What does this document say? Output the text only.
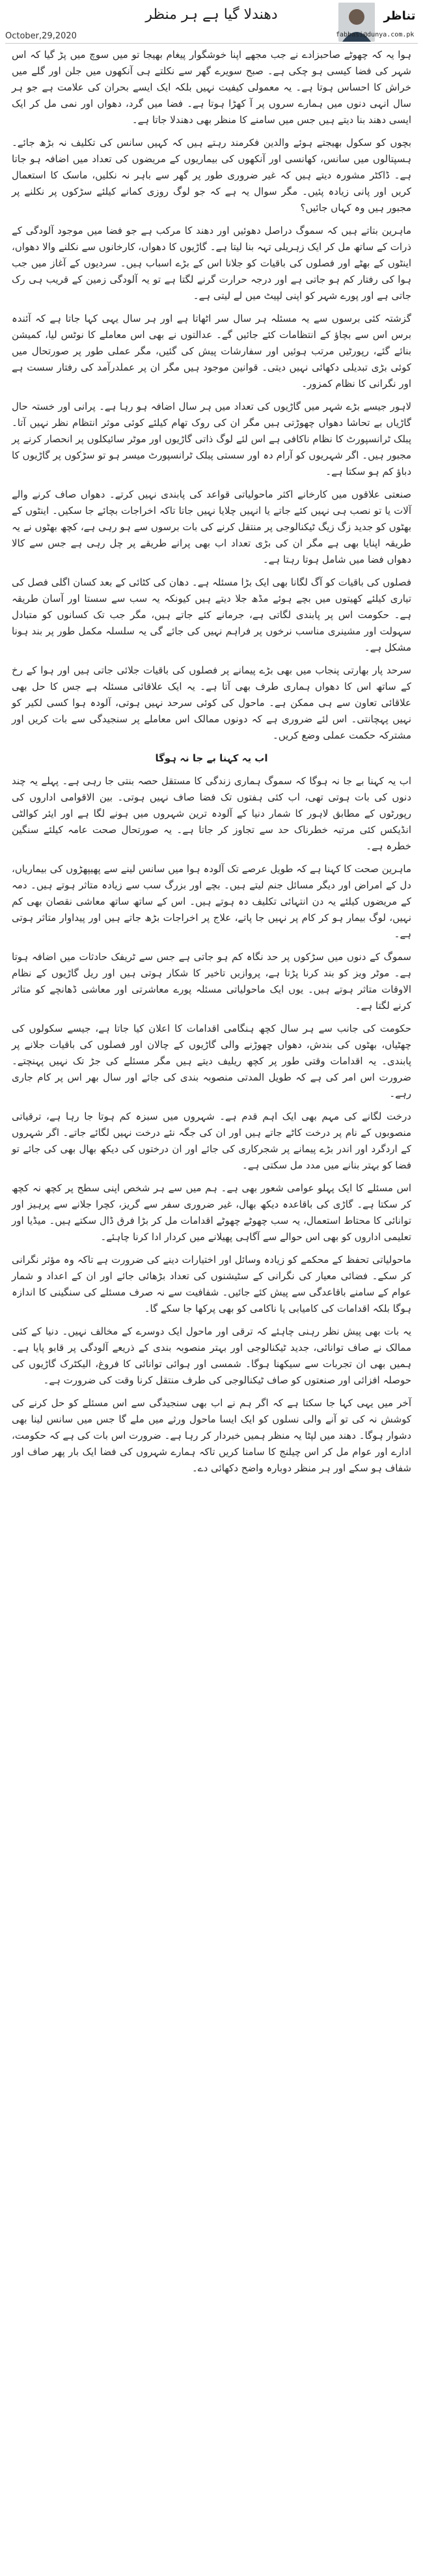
دھندلا گیا ہے ہر منظر	تناظر
fabbasi@dunya.com.pk
October,29,2020

ہوا یہ کہ چھوٹے صاحبزادے نے جب مجھے اپنا خوشگوار پیغام بھیجا تو میں سوچ میں پڑ گیا کہ اس شہر کی فضا کیسی ہو چکی ہے۔ صبح سویرے گھر سے نکلتے ہی آنکھوں میں جلن اور گلے میں خراش کا احساس ہوتا ہے۔ یہ معمولی کیفیت نہیں بلکہ ایک ایسے بحران کی علامت ہے جو ہر سال انہی دنوں میں ہمارے سروں پر آ کھڑا ہوتا ہے۔ فضا میں گرد، دھواں اور نمی مل کر ایک ایسی دھند بنا دیتے ہیں جس میں سامنے کا منظر بھی دھندلا جاتا ہے۔

بچوں کو سکول بھیجتے ہوئے والدین فکرمند رہتے ہیں کہ کہیں سانس کی تکلیف نہ بڑھ جائے۔ ہسپتالوں میں سانس، کھانسی اور آنکھوں کی بیماریوں کے مریضوں کی تعداد میں اضافہ ہو جاتا ہے۔ ڈاکٹر مشورہ دیتے ہیں کہ غیر ضروری طور پر گھر سے باہر نہ نکلیں، ماسک کا استعمال کریں اور پانی زیادہ پئیں۔ مگر سوال یہ ہے کہ جو لوگ روزی کمانے کیلئے سڑکوں پر نکلنے پر مجبور ہیں وہ کہاں جائیں؟

ماہرین بتاتے ہیں کہ سموگ دراصل دھوئیں اور دھند کا مرکب ہے جو فضا میں موجود آلودگی کے ذرات کے ساتھ مل کر ایک زہریلی تہہ بنا لیتا ہے۔ گاڑیوں کا دھواں، کارخانوں سے نکلنے والا دھواں، اینٹوں کے بھٹے اور فصلوں کی باقیات کو جلانا اس کے بڑے اسباب ہیں۔ سردیوں کے آغاز میں جب ہوا کی رفتار کم ہو جاتی ہے اور درجہ حرارت گرنے لگتا ہے تو یہ آلودگی زمین کے قریب ہی رک جاتی ہے اور پورے شہر کو اپنی لپیٹ میں لے لیتی ہے۔

گزشتہ کئی برسوں سے یہ مسئلہ ہر سال سر اٹھاتا ہے اور ہر سال یہی کہا جاتا ہے کہ آئندہ برس اس سے بچاؤ کے انتظامات کئے جائیں گے۔ عدالتوں نے بھی اس معاملے کا نوٹس لیا، کمیشن بنائے گئے، رپورٹیں مرتب ہوئیں اور سفارشات پیش کی گئیں، مگر عملی طور پر صورتحال میں کوئی بڑی تبدیلی دکھائی نہیں دیتی۔ قوانین موجود ہیں مگر ان پر عملدرآمد کی رفتار سست ہے اور نگرانی کا نظام کمزور۔

لاہور جیسے بڑے شہر میں گاڑیوں کی تعداد میں ہر سال اضافہ ہو رہا ہے۔ پرانی اور خستہ حال گاڑیاں بے تحاشا دھواں چھوڑتی ہیں مگر ان کی روک تھام کیلئے کوئی موثر انتظام نظر نہیں آتا۔ پبلک ٹرانسپورٹ کا نظام ناکافی ہے اس لئے لوگ ذاتی گاڑیوں اور موٹر سائیکلوں پر انحصار کرنے پر مجبور ہیں۔ اگر شہریوں کو آرام دہ اور سستی پبلک ٹرانسپورٹ میسر ہو تو سڑکوں پر گاڑیوں کا دباؤ کم ہو سکتا ہے۔

صنعتی علاقوں میں کارخانے اکثر ماحولیاتی قواعد کی پابندی نہیں کرتے۔ دھواں صاف کرنے والے آلات یا تو نصب ہی نہیں کئے جاتے یا انہیں چلایا نہیں جاتا تاکہ اخراجات بچائے جا سکیں۔ اینٹوں کے بھٹوں کو جدید زگ زیگ ٹیکنالوجی پر منتقل کرنے کی بات برسوں سے ہو رہی ہے، کچھ بھٹوں نے یہ طریقہ اپنایا بھی ہے مگر ان کی بڑی تعداد اب بھی پرانے طریقے پر چل رہی ہے جس سے کالا دھواں فضا میں شامل ہوتا رہتا ہے۔

فصلوں کی باقیات کو آگ لگانا بھی ایک بڑا مسئلہ ہے۔ دھان کی کٹائی کے بعد کسان اگلی فصل کی تیاری کیلئے کھیتوں میں بچے ہوئے مڈھ جلا دیتے ہیں کیونکہ یہ سب سے سستا اور آسان طریقہ ہے۔ حکومت اس پر پابندی لگاتی ہے، جرمانے کئے جاتے ہیں، مگر جب تک کسانوں کو متبادل سہولت اور مشینری مناسب نرخوں پر فراہم نہیں کی جائے گی یہ سلسلہ مکمل طور پر بند ہونا مشکل ہے۔

سرحد پار بھارتی پنجاب میں بھی بڑے پیمانے پر فصلوں کی باقیات جلائی جاتی ہیں اور ہوا کے رخ کے ساتھ اس کا دھواں ہماری طرف بھی آتا ہے۔ یہ ایک علاقائی مسئلہ ہے جس کا حل بھی علاقائی تعاون سے ہی ممکن ہے۔ ماحول کی کوئی سرحد نہیں ہوتی، آلودہ ہوا کسی لکیر کو نہیں پہچانتی۔ اس لئے ضروری ہے کہ دونوں ممالک اس معاملے پر سنجیدگی سے بات کریں اور مشترکہ حکمت عملی وضع کریں۔

اب یہ کہنا بے جا نہ ہوگا

اب یہ کہنا بے جا نہ ہوگا کہ سموگ ہماری زندگی کا مستقل حصہ بنتی جا رہی ہے۔ پہلے یہ چند دنوں کی بات ہوتی تھی، اب کئی ہفتوں تک فضا صاف نہیں ہوتی۔ بین الاقوامی اداروں کی رپورٹوں کے مطابق لاہور کا شمار دنیا کے آلودہ ترین شہروں میں ہونے لگا ہے اور ایئر کوالٹی انڈیکس کئی مرتبہ خطرناک حد سے تجاوز کر جاتا ہے۔ یہ صورتحال صحت عامہ کیلئے سنگین خطرہ ہے۔

ماہرین صحت کا کہنا ہے کہ طویل عرصے تک آلودہ ہوا میں سانس لینے سے پھیپھڑوں کی بیماریاں، دل کے امراض اور دیگر مسائل جنم لیتے ہیں۔ بچے اور بزرگ سب سے زیادہ متاثر ہوتے ہیں۔ دمہ کے مریضوں کیلئے یہ دن انتہائی تکلیف دہ ہوتے ہیں۔ اس کے ساتھ ساتھ معاشی نقصان بھی کم نہیں، لوگ بیمار ہو کر کام پر نہیں جا پاتے، علاج پر اخراجات بڑھ جاتے ہیں اور پیداوار متاثر ہوتی ہے۔

سموگ کے دنوں میں سڑکوں پر حد نگاہ کم ہو جاتی ہے جس سے ٹریفک حادثات میں اضافہ ہوتا ہے۔ موٹر ویز کو بند کرنا پڑتا ہے، پروازیں تاخیر کا شکار ہوتی ہیں اور ریل گاڑیوں کے نظام الاوقات متاثر ہوتے ہیں۔ یوں ایک ماحولیاتی مسئلہ پورے معاشرتی اور معاشی ڈھانچے کو متاثر کرنے لگتا ہے۔

حکومت کی جانب سے ہر سال کچھ ہنگامی اقدامات کا اعلان کیا جاتا ہے، جیسے سکولوں کی چھٹیاں، بھٹوں کی بندش، دھواں چھوڑنے والی گاڑیوں کے چالان اور فصلوں کی باقیات جلانے پر پابندی۔ یہ اقدامات وقتی طور پر کچھ ریلیف دیتے ہیں مگر مسئلے کی جڑ تک نہیں پہنچتے۔ ضرورت اس امر کی ہے کہ طویل المدتی منصوبہ بندی کی جائے اور سال بھر اس پر کام جاری رہے۔

درخت لگانے کی مہم بھی ایک اہم قدم ہے۔ شہروں میں سبزہ کم ہوتا جا رہا ہے، ترقیاتی منصوبوں کے نام پر درخت کاٹے جاتے ہیں اور ان کی جگہ نئے درخت نہیں لگائے جاتے۔ اگر شہروں کے اردگرد اور اندر بڑے پیمانے پر شجرکاری کی جائے اور ان درختوں کی دیکھ بھال بھی کی جائے تو فضا کو بہتر بنانے میں مدد مل سکتی ہے۔

اس مسئلے کا ایک پہلو عوامی شعور بھی ہے۔ ہم میں سے ہر شخص اپنی سطح پر کچھ نہ کچھ کر سکتا ہے۔ گاڑی کی باقاعدہ دیکھ بھال، غیر ضروری سفر سے گریز، کچرا جلانے سے پرہیز اور توانائی کا محتاط استعمال، یہ سب چھوٹے چھوٹے اقدامات مل کر بڑا فرق ڈال سکتے ہیں۔ میڈیا اور تعلیمی اداروں کو بھی اس حوالے سے آگاہی پھیلانے میں کردار ادا کرنا چاہئے۔

ماحولیاتی تحفظ کے محکمے کو زیادہ وسائل اور اختیارات دینے کی ضرورت ہے تاکہ وہ مؤثر نگرانی کر سکے۔ فضائی معیار کی نگرانی کے سٹیشنوں کی تعداد بڑھائی جائے اور ان کے اعداد و شمار عوام کے سامنے باقاعدگی سے پیش کئے جائیں۔ شفافیت سے نہ صرف مسئلے کی سنگینی کا اندازہ ہوگا بلکہ اقدامات کی کامیابی یا ناکامی کو بھی پرکھا جا سکے گا۔

یہ بات بھی پیش نظر رہنی چاہئے کہ ترقی اور ماحول ایک دوسرے کے مخالف نہیں۔ دنیا کے کئی ممالک نے صاف توانائی، جدید ٹیکنالوجی اور بہتر منصوبہ بندی کے ذریعے آلودگی پر قابو پایا ہے۔ ہمیں بھی ان تجربات سے سیکھنا ہوگا۔ شمسی اور ہوائی توانائی کا فروغ، الیکٹرک گاڑیوں کی حوصلہ افزائی اور صنعتوں کو صاف ٹیکنالوجی کی طرف منتقل کرنا وقت کی ضرورت ہے۔

آخر میں یہی کہا جا سکتا ہے کہ اگر ہم نے اب بھی سنجیدگی سے اس مسئلے کو حل کرنے کی کوشش نہ کی تو آنے والی نسلوں کو ایک ایسا ماحول ورثے میں ملے گا جس میں سانس لینا بھی دشوار ہوگا۔ دھند میں لپٹا یہ منظر ہمیں خبردار کر رہا ہے۔ ضرورت اس بات کی ہے کہ حکومت، ادارے اور عوام مل کر اس چیلنج کا سامنا کریں تاکہ ہمارے شہروں کی فضا ایک بار پھر صاف اور شفاف ہو سکے اور ہر منظر دوبارہ واضح دکھائی دے۔
